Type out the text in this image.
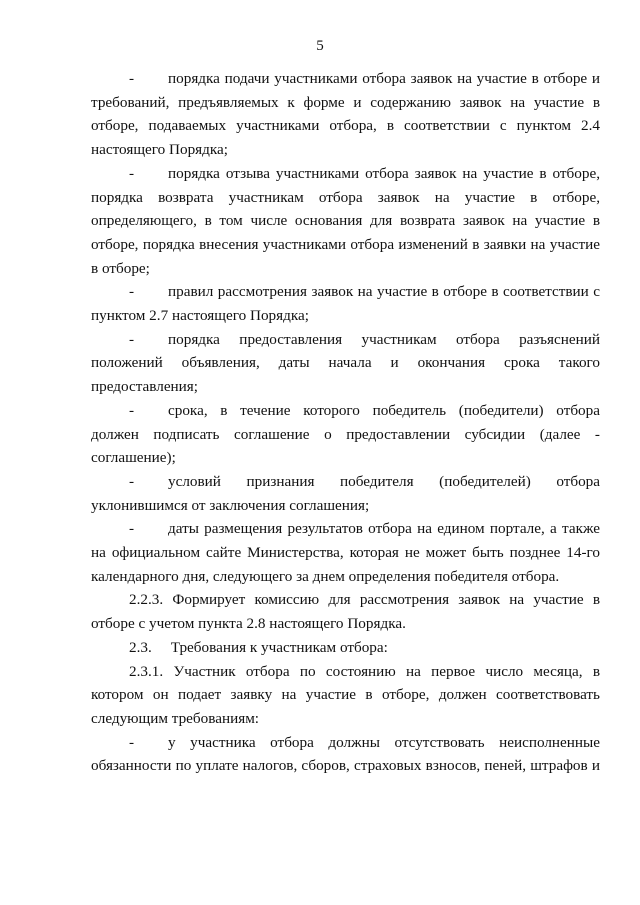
5
-	порядка подачи участниками отбора заявок на участие в отборе и
требований, предъявляемых к форме и содержанию заявок на участие в
отборе, подаваемых участниками отбора, в соответствии с пунктом 2.4
настоящего Порядка;
-	порядка отзыва участниками отбора заявок на участие в отборе,
порядка возврата участникам отбора заявок на участие в отборе,
определяющего, в том числе основания для возврата заявок на участие в
отборе, порядка внесения участниками отбора изменений в заявки на участие
в отборе;
-	правил рассмотрения заявок на участие в отборе в соответствии с
пунктом 2.7 настоящего Порядка;
-	порядка предоставления участникам отбора разъяснений
положений объявления, даты начала и окончания срока такого
предоставления;
-	срока, в течение которого победитель (победители) отбора
должен подписать соглашение о предоставлении субсидии (далее -
соглашение);
-	условий признания победителя (победителей) отбора
уклонившимся от заключения соглашения;
-	даты размещения результатов отбора на едином портале, а также
на официальном сайте Министерства, которая не может быть позднее 14-го
календарного дня, следующего за днем определения победителя отбора.
2.2.3. Формирует комиссию для рассмотрения заявок на участие в
отборе с учетом пункта 2.8 настоящего Порядка.
2.3.     Требования к участникам отбора:
2.3.1. Участник отбора по состоянию на первое число месяца, в
котором он подает заявку на участие в отборе, должен соответствовать
следующим требованиям:
-	у участника отбора должны отсутствовать неисполненные
обязанности по уплате налогов, сборов, страховых взносов, пеней, штрафов и
